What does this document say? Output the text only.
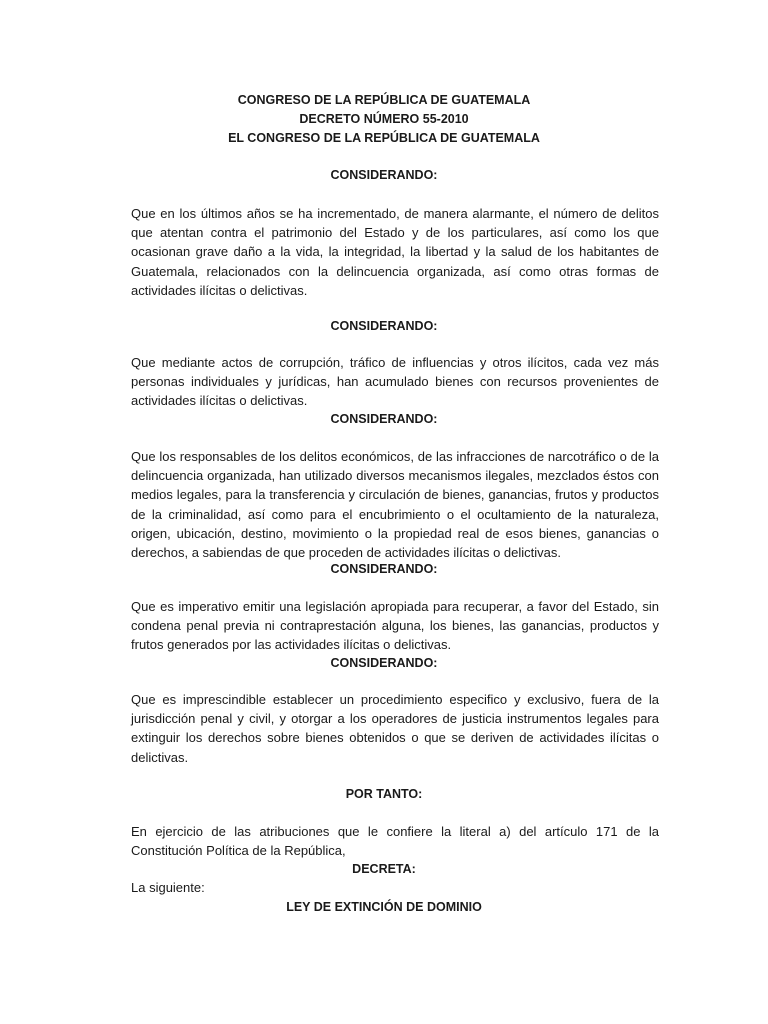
CONGRESO DE LA REPÚBLICA DE GUATEMALA
DECRETO NÚMERO 55-2010
EL CONGRESO DE LA REPÚBLICA DE GUATEMALA
CONSIDERANDO:
Que en los últimos años se ha incrementado, de manera alarmante, el número de delitos que atentan contra el patrimonio del Estado y de los particulares, así como los que ocasionan grave daño a la vida, la integridad, la libertad y la salud de los habitantes de Guatemala, relacionados con la delincuencia organizada, así como otras formas de actividades ilícitas o delictivas.
CONSIDERANDO:
Que mediante actos de corrupción, tráfico de influencias y otros ilícitos, cada vez más personas individuales y jurídicas, han acumulado bienes con recursos provenientes de actividades ilícitas o delictivas.
CONSIDERANDO:
Que los responsables de los delitos económicos, de las infracciones de narcotráfico o de la delincuencia organizada, han utilizado diversos mecanismos ilegales, mezclados éstos con medios legales, para la transferencia y circulación de bienes, ganancias, frutos y productos de la criminalidad, así como para el encubrimiento o el ocultamiento de la naturaleza, origen, ubicación, destino, movimiento o la propiedad real de esos bienes, ganancias o derechos, a sabiendas de que proceden de actividades ilícitas o delictivas.
CONSIDERANDO:
Que es imperativo emitir una legislación apropiada para recuperar, a favor del Estado, sin condena penal previa ni contraprestación alguna, los bienes, las ganancias, productos y frutos generados por las actividades ilícitas o delictivas.
CONSIDERANDO:
Que es imprescindible establecer un procedimiento especifico y exclusivo, fuera de la jurisdicción penal y civil, y otorgar a los operadores de justicia instrumentos legales para extinguir los derechos sobre bienes obtenidos o que se deriven de actividades ilícitas o delictivas.
POR TANTO:
En ejercicio de las atribuciones que le confiere la literal a) del artículo 171 de la Constitución Política de la República,
DECRETA:
La siguiente:
LEY DE EXTINCIÓN DE DOMINIO
